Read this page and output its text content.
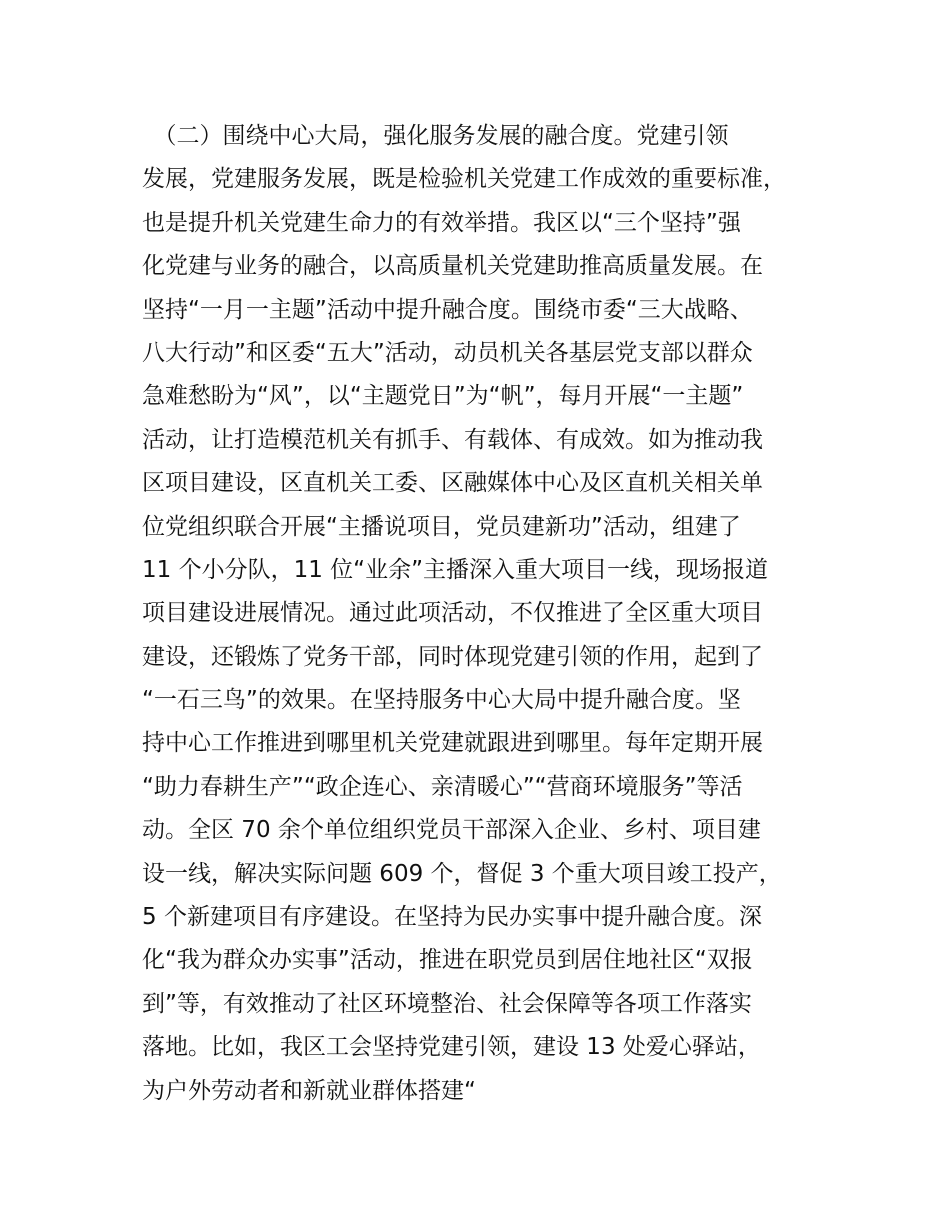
　（二）围绕中心大局，强化服务发展的融合度。党建引领
发展，党建服务发展，既是检验机关党建工作成效的重要标准，
也是提升机关党建生命力的有效举措。我区以“三个坚持”强
化党建与业务的融合，以高质量机关党建助推高质量发展。在
坚持“一月一主题”活动中提升融合度。围绕市委“三大战略、
八大行动”和区委“五大”活动，动员机关各基层党支部以群众
急难愁盼为“风”，以“主题党日”为“帆”，每月开展“一主题”
活动，让打造模范机关有抓手、有载体、有成效。如为推动我
区项目建设，区直机关工委、区融媒体中心及区直机关相关单
位党组织联合开展“主播说项目，党员建新功”活动，组建了
11 个小分队，11 位“业余”主播深入重大项目一线，现场报道
项目建设进展情况。通过此项活动，不仅推进了全区重大项目
建设，还锻炼了党务干部，同时体现党建引领的作用，起到了
“一石三鸟”的效果。在坚持服务中心大局中提升融合度。坚
持中心工作推进到哪里机关党建就跟进到哪里。每年定期开展
“助力春耕生产”“政企连心、亲清暖心”“营商环境服务”等活
动。全区 70 余个单位组织党员干部深入企业、乡村、项目建
设一线，解决实际问题 609 个，督促 3 个重大项目竣工投产，
5 个新建项目有序建设。在坚持为民办实事中提升融合度。深
化“我为群众办实事”活动，推进在职党员到居住地社区“双报
到”等，有效推动了社区环境整治、社会保障等各项工作落实
落地。比如，我区工会坚持党建引领，建设 13 处爱心驿站，
为户外劳动者和新就业群体搭建“
